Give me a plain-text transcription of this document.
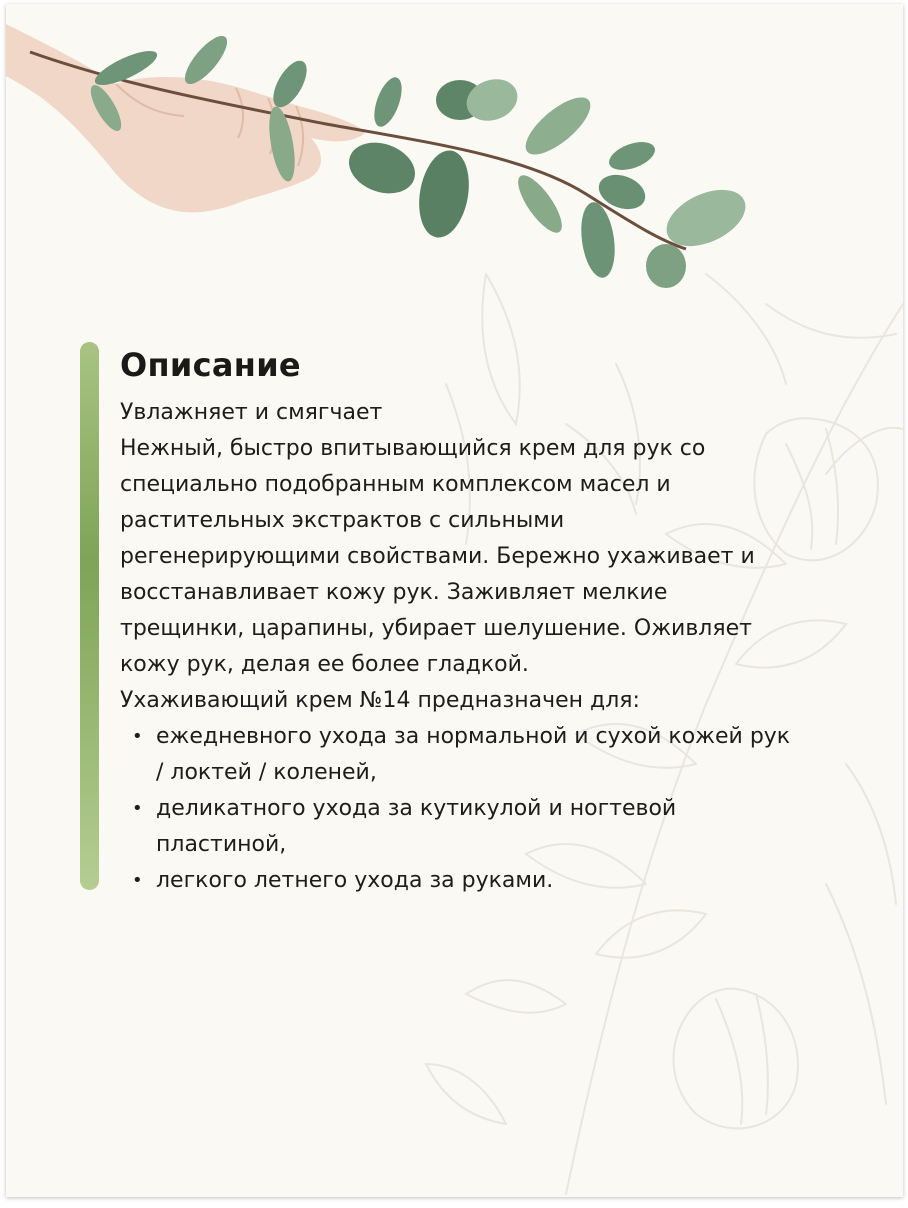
Описание

Увлажняет и смягчает

Нежный, быстро впитывающийся крем для рук со

специально подобранным комплексом масел и

растительных экстрактов с сильными

регенерирующими свойствами. Бережно ухаживает и

восстанавливает кожу рук. Заживляет мелкие

трещинки, царапины, убирает шелушение. Оживляет

кожу рук, делая ее более гладкой.

Ухаживающий крем №14 предназначен для:

• ежедневного ухода за нормальной и сухой кожей рук
/ локтей / коленей,
• деликатного ухода за кутикулой и ногтевой
пластиной,
• легкого летнего ухода за руками.
